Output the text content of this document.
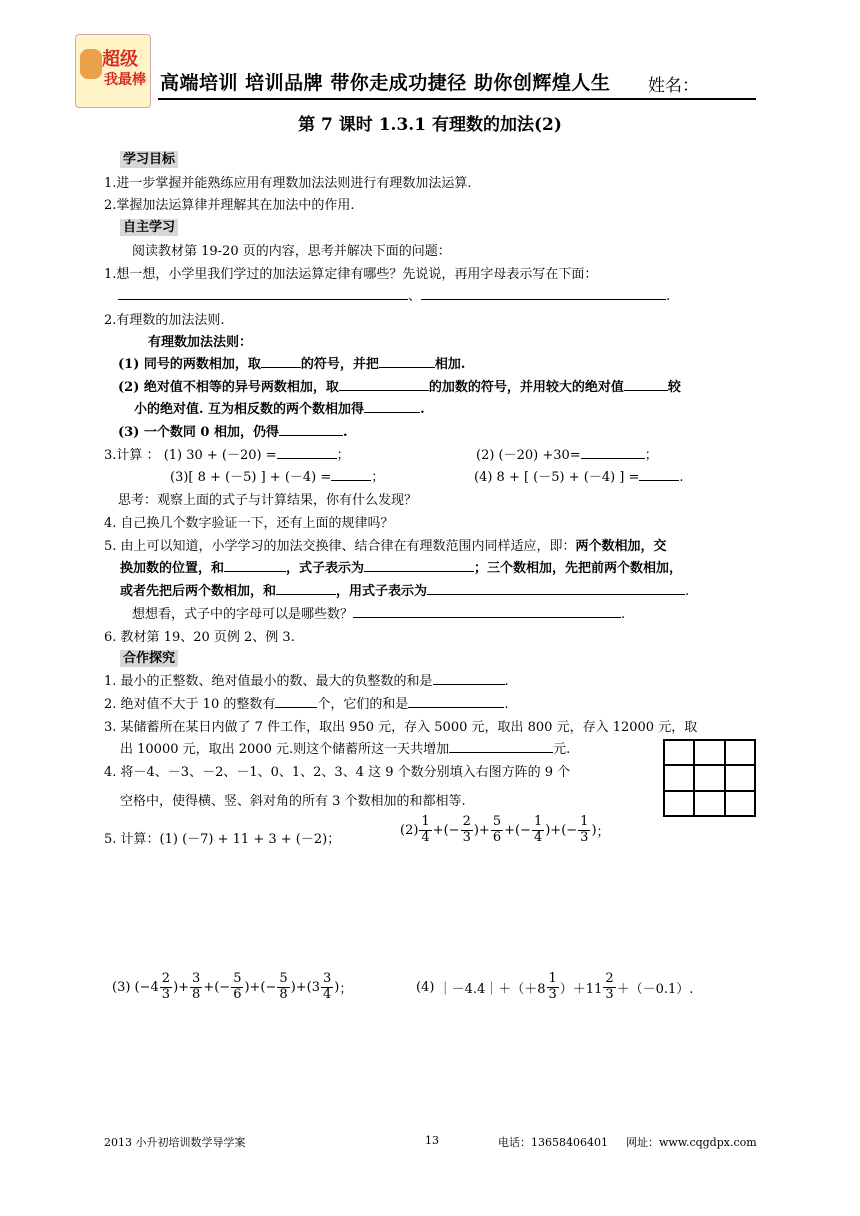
超级
我最棒 高端培训 培训品牌 带你走成功捷径 助你创辉煌人生 姓名：
第 7 课时 1.3.1 有理数的加法(2)
学习目标
1.进一步掌握并能熟练应用有理数加法法则进行有理数加法运算.
2.掌握加法运算律并理解其在加法中的作用.
自主学习
阅读教材第 19-20 页的内容，思考并解决下面的问题：
1.想一想，小学里我们学过的加法运算定律有哪些？先说说，再用字母表示写在下面：
、	.
2.有理数的加法法则.
有理数加法法则：
(1) 同号的两数相加，取	的符号，并把	相加.
(2) 绝对值不相等的异号两数相加，取	的加数的符号，并用较大的绝对值	较
小的绝对值. 互为相反数的两个数相加得	.
(3) 一个数同 0 相加，仍得	.
3.计算 ： (1) 30 + (－20) =	；	(2) (－20) +30=	；
(3)[ 8 + (－5) ] + (－4) =	；	(4) 8 + [ (－5) + (－4) ] =	.
思考：观察上面的式子与计算结果，你有什么发现？
4. 自己换几个数字验证一下，还有上面的规律吗？
5. 由上可以知道，小学学习的加法交换律、结合律在有理数范围内同样适应，即：两个数相加，交
换加数的位置，和	，式子表示为	；三个数相加，先把前两个数相加，
或者先把后两个数相加，和	，用式子表示为	.
想想看，式子中的字母可以是哪些数？	.
6. 教材第 19、20 页例 2、例 3.
合作探究
1. 最小的正整数、绝对值最小的数、最大的负整数的和是	.
2. 绝对值不大于 10 的整数有	个，它们的和是	.
3. 某储蓄所在某日内做了 7 件工作，取出 950 元，存入 5000 元，取出 800 元，存入 12000 元，取
出 10000 元，取出 2000 元.则这个储蓄所这一天共增加	元.
4. 将－4、－3、－2、－1、0、1、2、3、4 这 9 个数分别填入右图方阵的 9 个
空格中，使得横、竖、斜对角的所有 3 个数相加的和都相等.
5. 计算：(1) (－7) + 11 + 3 + (－2)；
$(2) \frac{1}{4}$ +(− $\frac{2}{3}$ )+ $\frac{5}{6}$ +(− $\frac{1}{4}$ )+(− $\frac{1}{3}$ ) ；
(3) ($-4 \frac{2}{3}$ )+ $\frac{3}{8}$ +(− $\frac{5}{6}$ )+(− $\frac{5}{8} )+(3 \frac{3}{4}$ ) ；	(4)
｜－4.4｜＋（＋8 $\frac{1}{3} )+11 \frac{2}{3} +(-0.1)$.
2013 小升初培训数学导学案	13	电话：13658406401 网址：www.cqgdpx.com
